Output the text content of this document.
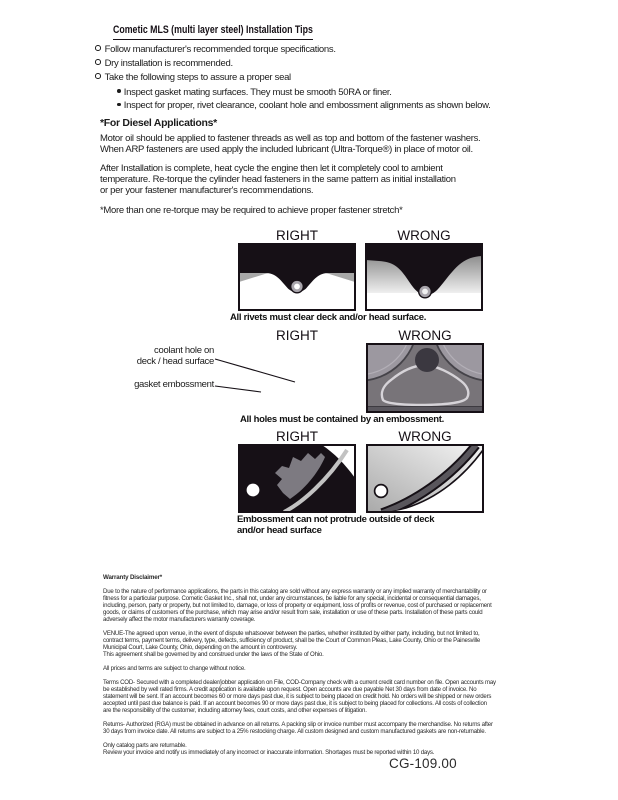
Cometic MLS (multi layer steel) Installation Tips
Follow manufacturer's recommended torque specifications.
Dry installation is recommended.
Take the following steps to assure a proper seal
Inspect gasket mating surfaces. They must be smooth 50RA or finer.
Inspect for proper, rivet clearance, coolant hole and embossment alignments as shown below.
*For Diesel Applications*
Motor oil should be applied to fastener threads as well as top and bottom of the fastener washers.
When ARP fasteners are used apply the included lubricant (Ultra-Torque®) in place of motor oil.
After Installation is complete, heat cycle the engine then let it completely cool to ambient
temperature. Re-torque the cylinder head fasteners in the same pattern as initial installation
or per your fastener manufacturer's recommendations.
*More than one re-torque may be required to achieve proper fastener stretch*
RIGHT	WRONG
All rivets must clear deck and/or head surface.
RIGHT	WRONG
coolant hole on
deck / head surface
gasket embossment
All holes must be contained by an embossment.
RIGHT	WRONG
Embossment can not protrude outside of deck
and/or head surface
Warranty Disclaimer*

Due to the nature of performance applications, the parts in this catalog are sold without any express warranty or any implied warranty of merchantability or
fitness for a particular purpose. Cometic Gasket Inc., shall not, under any circumstances, be liable for any special, incidental or consequential damages,
including, person, party or property, but not limited to, damage, or loss of property or equipment, loss of profits or revenue, cost of purchased or replacement
goods, or claims of customers of the purchase, which may arise and/or result from sale, installation or use of these parts. Installation of these parts could
adversely affect the motor manufacturers warranty coverage.

VENUE-The agreed upon venue, in the event of dispute whatsoever between the parties, whether instituted by either party, including, but not limited to,
contract terms, payment terms, delivery, type, defects, sufficiency of product, shall be the Court of Common Pleas, Lake County, Ohio or the Painesville
Municipal Court, Lake County, Ohio, depending on the amount in controversy.

This agreement shall be governed by and construed under the laws of the State of Ohio.

All prices and terms are subject to change without notice.

Terms COD- Secured with a completed dealer/jobber application on File, COD-Company check with a current credit card number on file. Open accounts may
be established by well rated firms. A credit application is available upon request. Open accounts are due payable Net 30 days from date of invoice. No
statement will be sent. If an account becomes 60 or more days past due, it is subject to being placed on credit hold. No orders will be shipped or new orders
accepted until past due balance is paid. If an account becomes 90 or more days past due, it is subject to being placed for collections. All costs of collection
are the responsibility of the customer, including attorney fees, court costs, and other expenses of litigation.

Returns- Authorized (RGA) must be obtained in advance on all returns. A packing slip or invoice number must accompany the merchandise. No returns after
30 days from invoice date. All returns are subject to a 25% restocking charge. All custom designed and custom manufactured gaskets are non-returnable.

Only catalog parts are returnable.

Review your invoice and notify us immediately of any incorrect or inaccurate information. Shortages must be reported within 10 days.

CG-109.00
